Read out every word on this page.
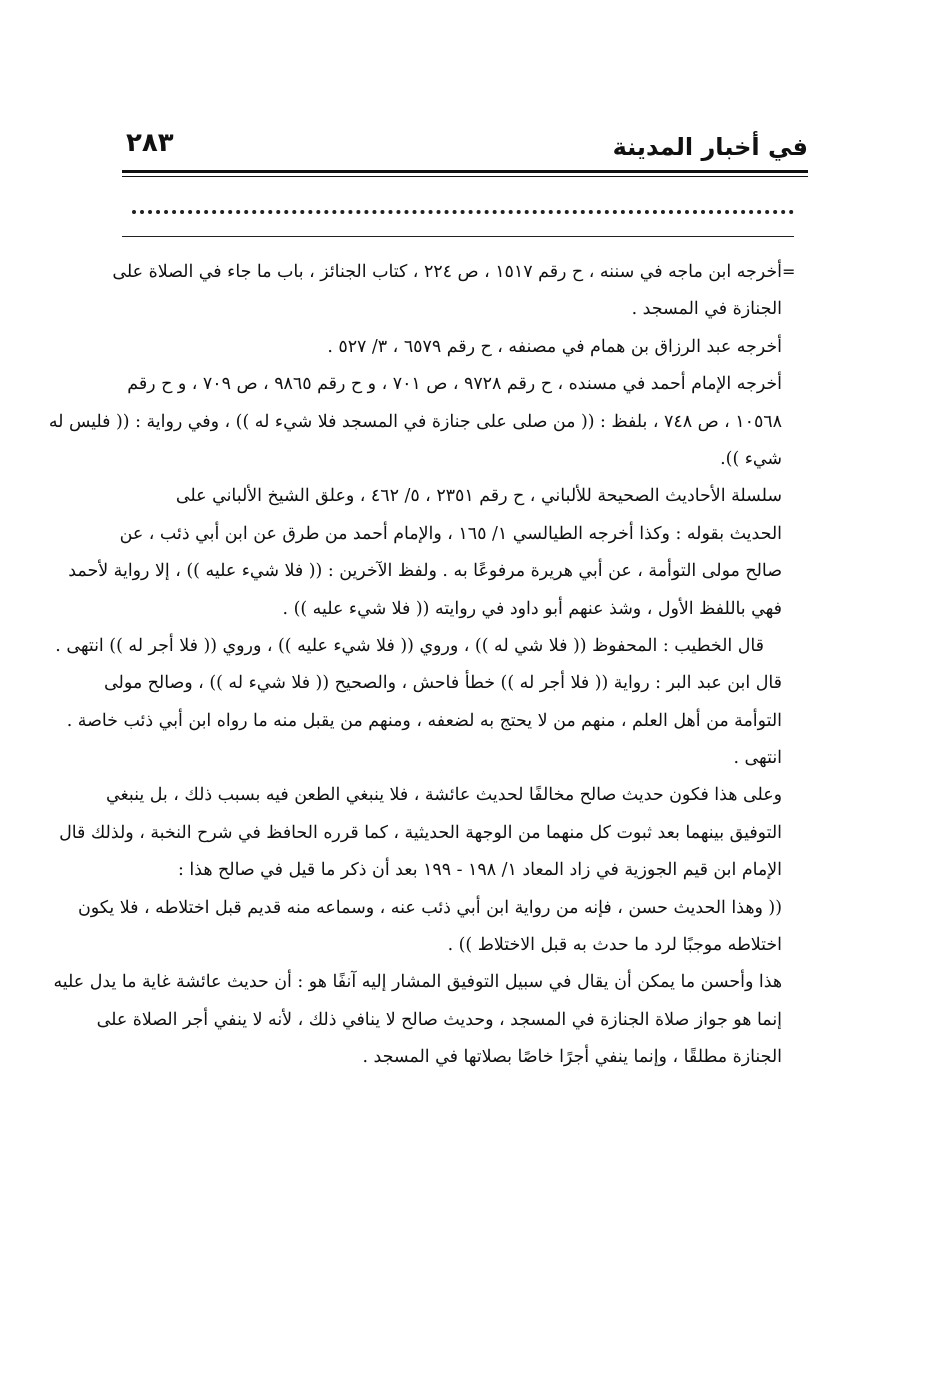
في أخبار المدينة
٢٨٣
=
أخرجه ابن ماجه في سننه ، ح رقم ١٥١٧ ، ص ٢٢٤ ، كتاب الجنائز ، باب ما جاء في الصلاة على
الجنازة في المسجد .
أخرجه عبد الرزاق بن همام في مصنفه ، ح رقم ٦٥٧٩ ، ٣/ ٥٢٧ .
أخرجه الإمام أحمد في مسنده ، ح رقم ٩٧٢٨ ، ص ٧٠١ ، و ح رقم ٩٨٦٥ ، ص ٧٠٩ ، و ح رقم
١٠٥٦٨ ، ص ٧٤٨ ، بلفظ : (( من صلى على جنازة في المسجد فلا شيء له )) ، وفي رواية : (( فليس له
شيء )).
سلسلة الأحاديث الصحيحة للألباني ، ح رقم ٢٣٥١ ، ٥/ ٤٦٢ ، وعلق الشيخ الألباني على
الحديث بقوله : وكذا أخرجه الطيالسي ١/ ١٦٥ ، والإمام أحمد من طرق عن ابن أبي ذئب ، عن
صالح مولى التوأمة ، عن أبي هريرة مرفوعًا به . ولفظ الآخرين : (( فلا شيء عليه )) ، إلا رواية لأحمد
فهي باللفظ الأول ، وشذ عنهم أبو داود في روايته (( فلا شيء عليه )) .
قال الخطيب : المحفوظ (( فلا شي له )) ، وروي (( فلا شيء عليه )) ، وروي (( فلا أجر له )) انتهى .
قال ابن عبد البر : رواية (( فلا أجر له )) خطأ فاحش ، والصحيح (( فلا شيء له )) ، وصالح مولى
التوأمة من أهل العلم ، منهم من لا يحتج به لضعفه ، ومنهم من يقبل منه ما رواه ابن أبي ذئب خاصة .
انتهى .
وعلى هذا فكون حديث صالح مخالفًا لحديث عائشة ، فلا ينبغي الطعن فيه بسبب ذلك ، بل ينبغي
التوفيق بينهما بعد ثبوت كل منهما من الوجهة الحديثية ، كما قرره الحافظ في شرح النخبة ، ولذلك قال
الإمام ابن قيم الجوزية في زاد المعاد ١/ ١٩٨ - ١٩٩ بعد أن ذكر ما قيل في صالح هذا :
(( وهذا الحديث حسن ، فإنه من رواية ابن أبي ذئب عنه ، وسماعه منه قديم قبل اختلاطه ، فلا يكون
اختلاطه موجبًا لرد ما حدث به قبل الاختلاط )) .
هذا وأحسن ما يمكن أن يقال في سبيل التوفيق المشار إليه آنفًا هو : أن حديث عائشة غاية ما يدل عليه
إنما هو جواز صلاة الجنازة في المسجد ، وحديث صالح لا ينافي ذلك ، لأنه لا ينفي أجر الصلاة على
الجنازة مطلقًا ، وإنما ينفي أجرًا خاصًا بصلاتها في المسجد .
